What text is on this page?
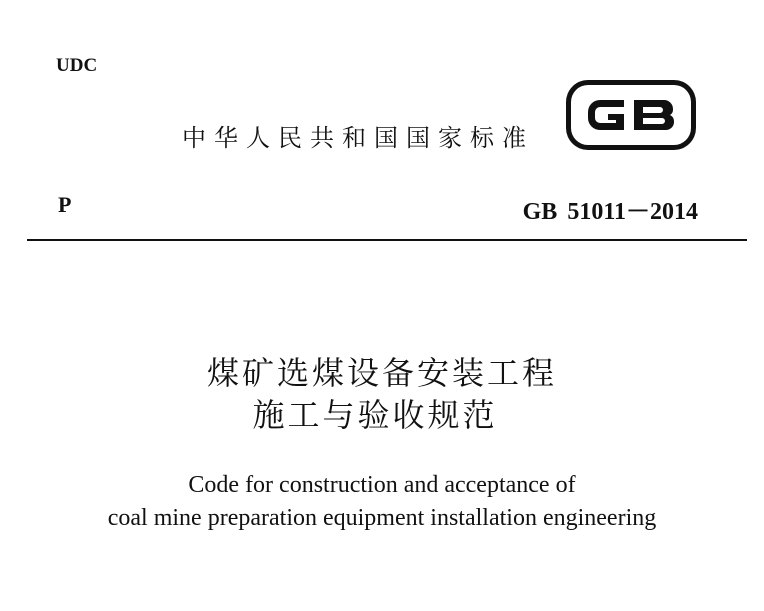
UDC
中华人民共和国国家标准
P	GB 51011－2014
煤矿选煤设备安装工程
施工与验收规范
Code for construction and acceptance of
coal mine preparation equipment installation engineering
